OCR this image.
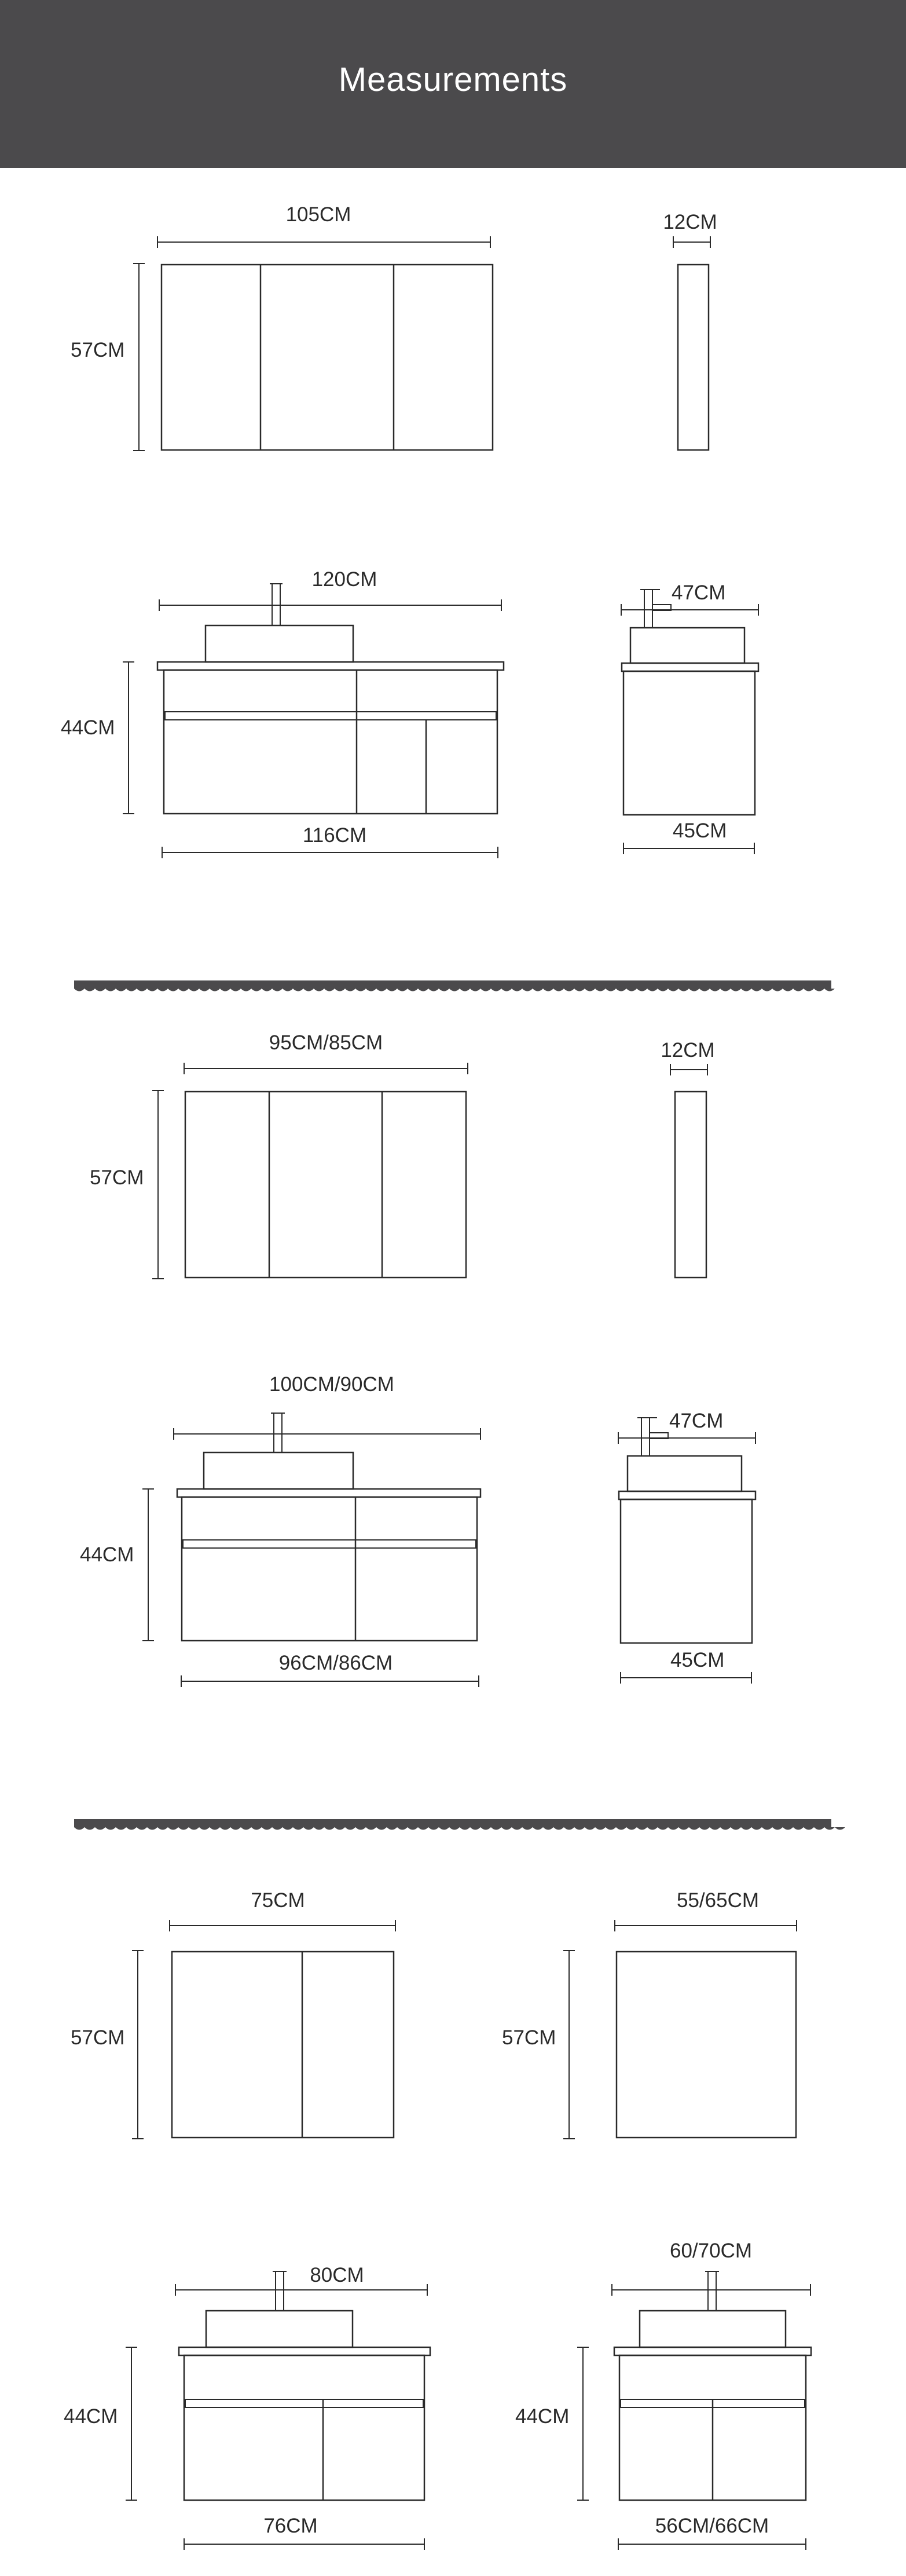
Measurements
105CM
57CM
12CM
120CM
44CM
116CM
47CM
45CM
95CM/85CM
57CM
12CM
100CM/90CM
44CM
96CM/86CM
47CM
45CM
75CM
57CM
55/65CM
57CM
80CM
44CM
76CM
60/70CM
44CM
56CM/66CM
